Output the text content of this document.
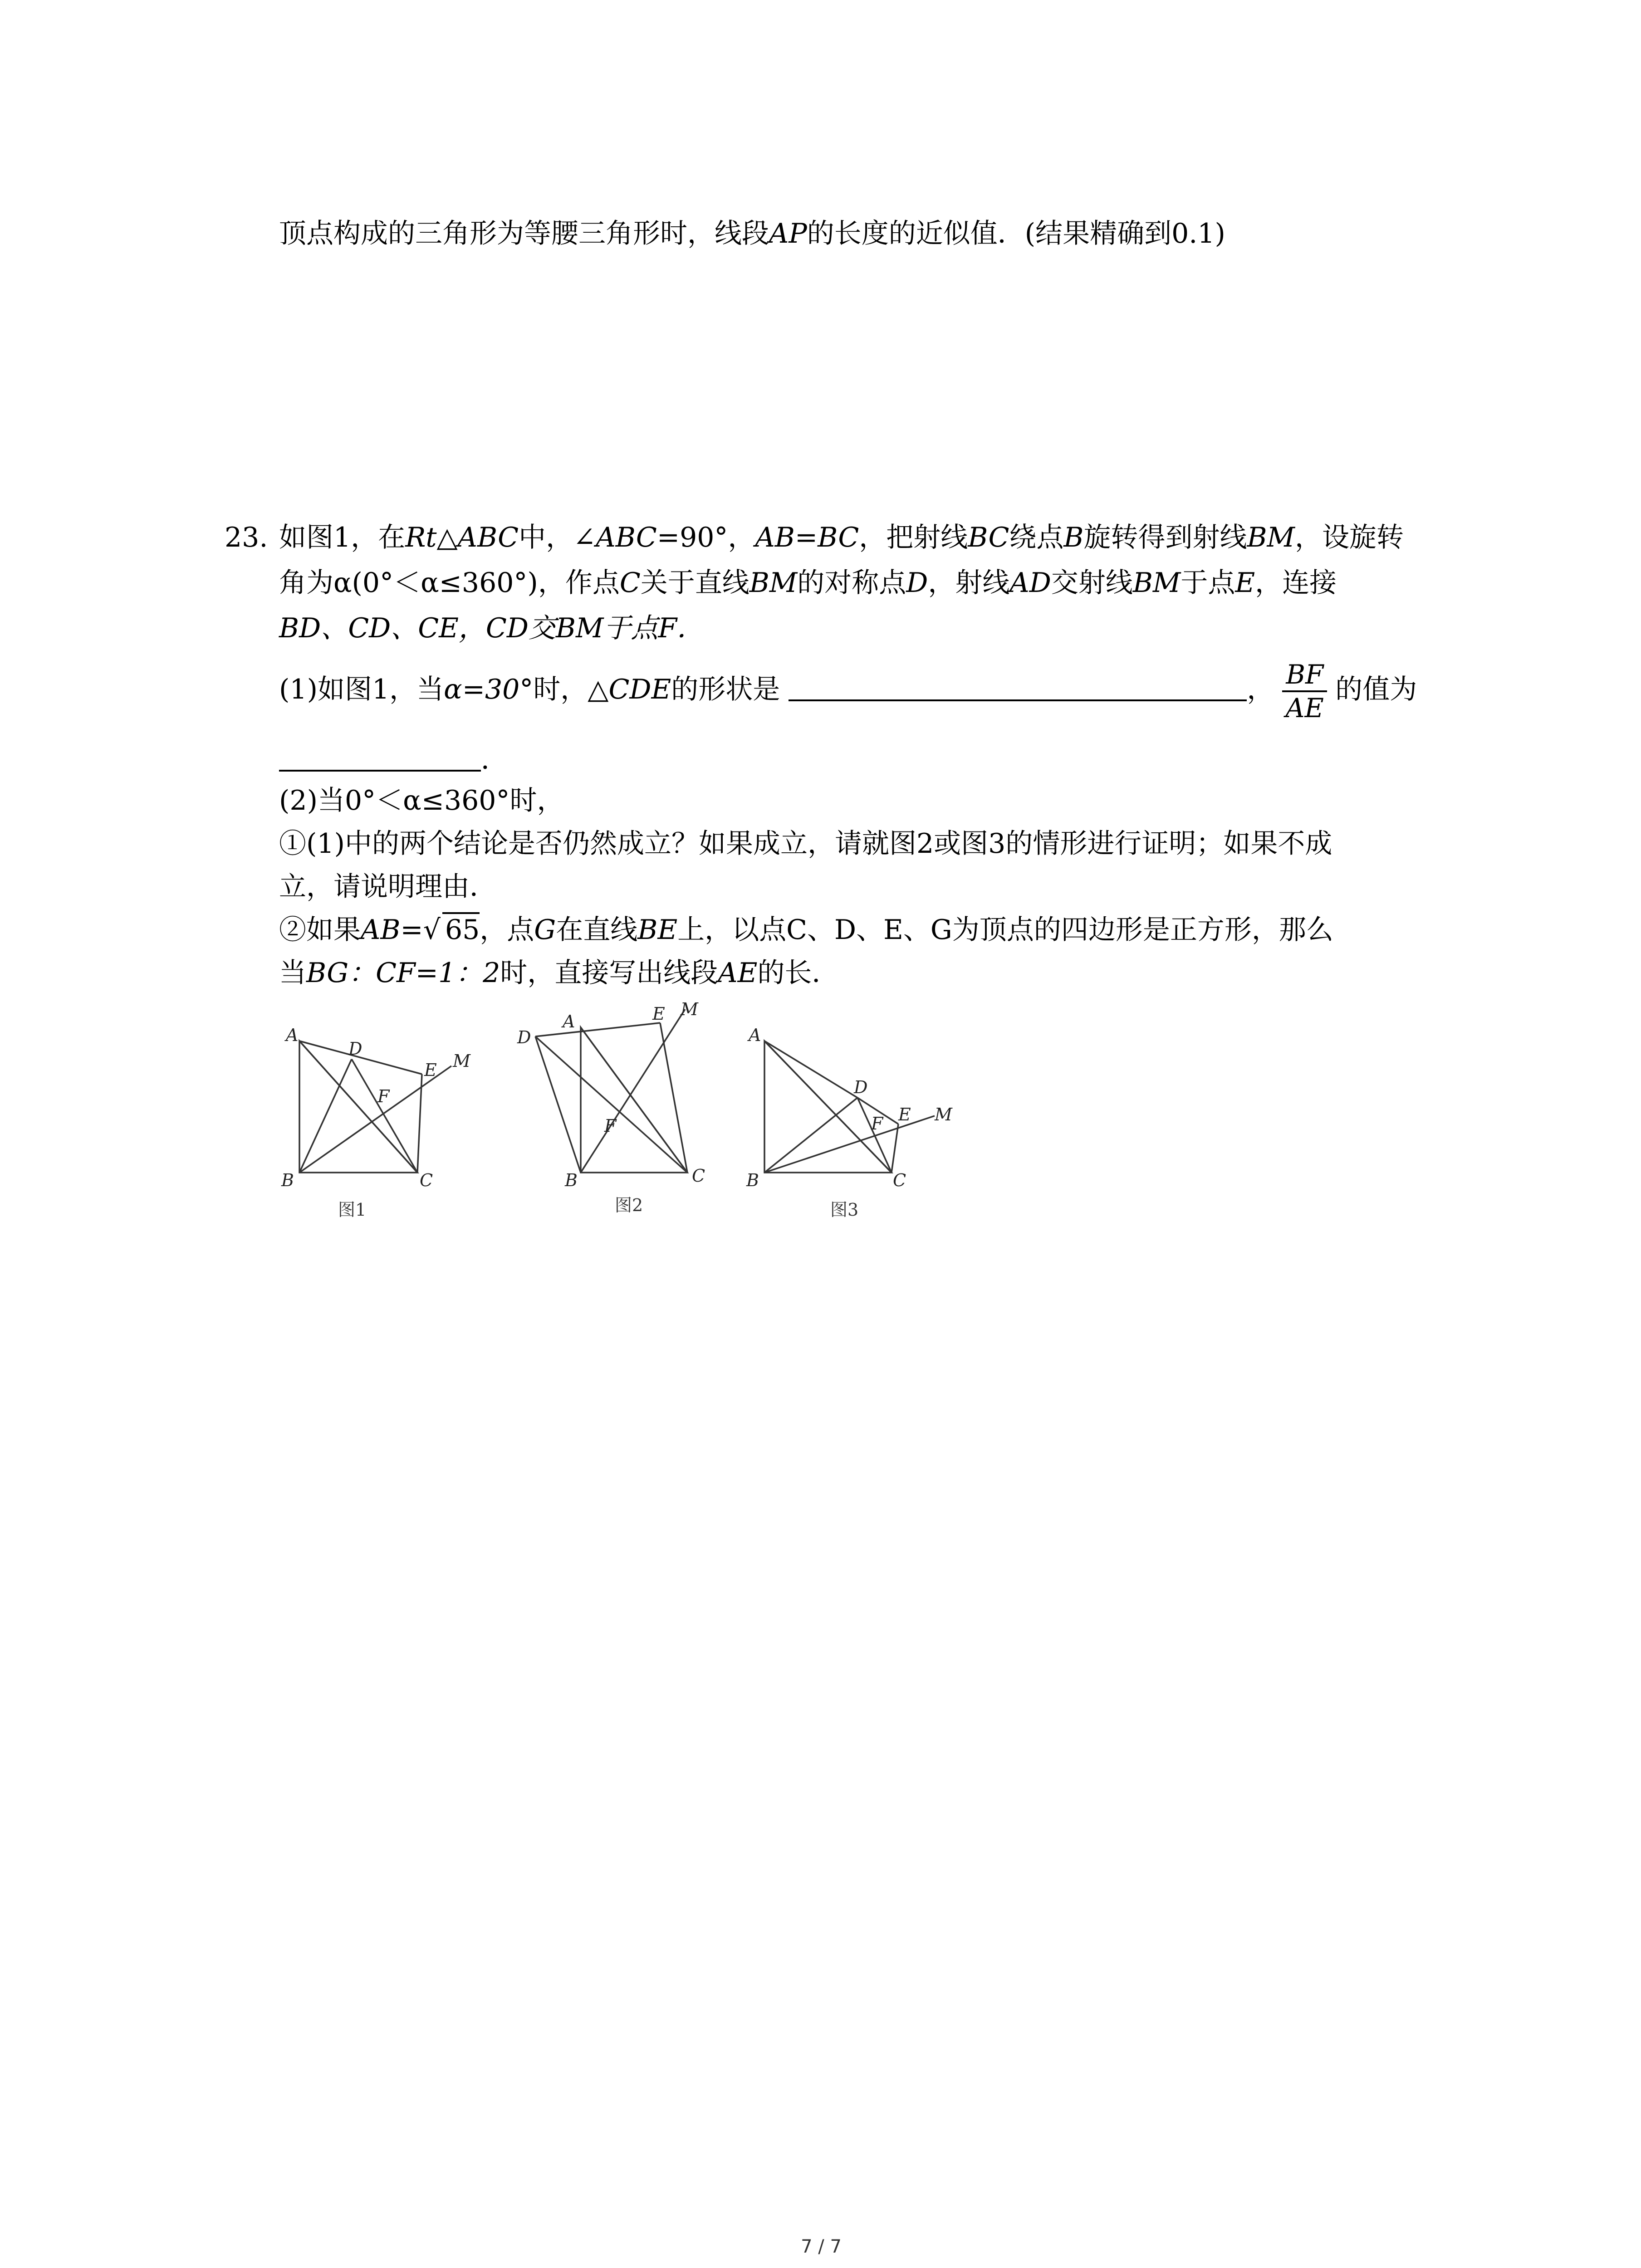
顶点构成的三角形为等腰三角形时，线段AP的长度的近似值．(结果精确到0.1)
23. 如图1，在Rt△ABC中，∠ABC=90°，AB=BC，把射线BC绕点B旋转得到射线BM，设旋转
角为α(0°＜α≤360°)，作点C关于直线BM的对称点D，射线AD交射线BM于点E，连接
BD、CD、CE，CD交BM于点F．
(1)如图1，当α=30°时，△CDE的形状是	， $\frac{BF}{AE}$ 的值为
．
(2)当0°＜α≤360°时，
①(1)中的两个结论是否仍然成立？如果成立，请就图2或图3的情形进行证明；如果不成
立，请说明理由．
②如果AB=√ 65，点G在直线BE上，以点C、D、E、G为顶点的四边形是正方形，那么
当BG：CF=1：2时，直接写出线段AE的长．
A
B	C
D
E
F
M
图1
A
B	C
D
E
F
M
图2
A
B	C
D
E
F	M
图3
7 / 7
